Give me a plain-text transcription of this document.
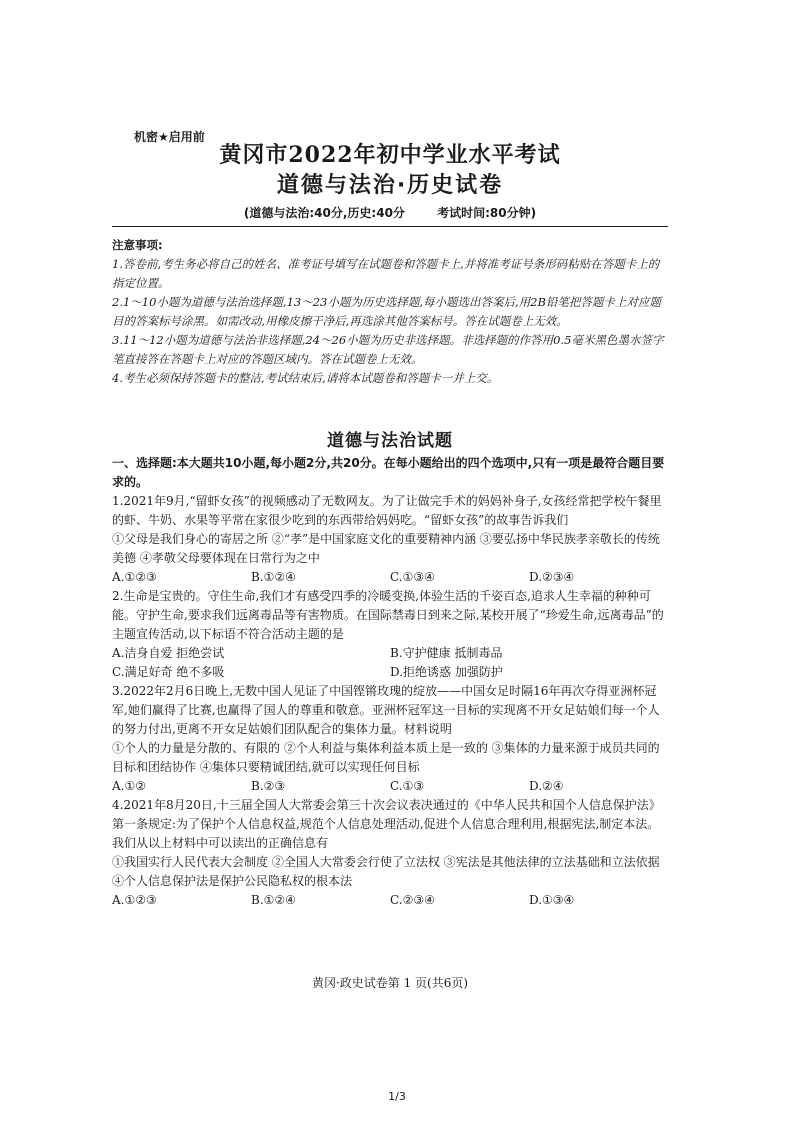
机密★启用前
黄冈市2022年初中学业水平考试
道德与法治·历史试卷
(道德与法治:40分,历史:40分	考试时间:80分钟)

注意事项:

1.答卷前,考生务必将自己的姓名、准考证号填写在试题卷和答题卡上,并将准考证号条形码粘贴在答题卡上的指定位置。

2.1～10小题为道德与法治选择题,13～23小题为历史选择题,每小题选出答案后,用2B铅笔把答题卡上对应题目的答案标号涂黑。如需改动,用橡皮擦干净后,再选涂其他答案标号。答在试题卷上无效。

3.11～12小题为道德与法治非选择题,24～26小题为历史非选择题。非选择题的作答用0.5毫米黑色墨水签字笔直接答在答题卡上对应的答题区域内。答在试题卷上无效。

4.考生必须保持答题卡的整洁,考试结束后,请将本试题卷和答题卡一并上交。

道德与法治试题

一、选择题:本大题共10小题,每小题2分,共20分。在每小题给出的四个选项中,只有一项是最符合题目要求的。

1.2021年9月,“留虾女孩”的视频感动了无数网友。为了让做完手术的妈妈补身子,女孩经常把学校午餐里的虾、牛奶、水果等平常在家很少吃到的东西带给妈妈吃。“留虾女孩”的故事告诉我们

①父母是我们身心的寄居之所 ②“孝”是中国家庭文化的重要精神内涵 ③要弘扬中华民族孝亲敬长的传统美德 ④孝敬父母要体现在日常行为之中

A.①②③	B.①②④	C.①③④	D.②③④

2.生命是宝贵的。守住生命,我们才有感受四季的冷暖变换,体验生活的千姿百态,追求人生幸福的种种可能。守护生命,要求我们远离毒品等有害物质。在国际禁毒日到来之际,某校开展了“珍爱生命,远离毒品”的主题宣传活动,以下标语不符合活动主题的是

A.洁身自爱 拒绝尝试	B.守护健康 抵制毒品
C.满足好奇 绝不多吸	D.拒绝诱惑 加强防护

3.2022年2月6日晚上,无数中国人见证了中国铿锵玫瑰的绽放——中国女足时隔16年再次夺得亚洲杯冠军,她们赢得了比赛,也赢得了国人的尊重和敬意。亚洲杯冠军这一目标的实现离不开女足姑娘们每一个人的努力付出,更离不开女足姑娘们团队配合的集体力量。材料说明

①个人的力量是分散的、有限的 ②个人利益与集体利益本质上是一致的 ③集体的力量来源于成员共同的目标和团结协作 ④集体只要精诚团结,就可以实现任何目标

A.①②	B.②③	C.①③	D.②④

4.2021年8月20日,十三届全国人大常委会第三十次会议表决通过的《中华人民共和国个人信息保护法》第一条规定:为了保护个人信息权益,规范个人信息处理活动,促进个人信息合理利用,根据宪法,制定本法。我们从以上材料中可以读出的正确信息有

①我国实行人民代表大会制度 ②全国人大常委会行使了立法权 ③宪法是其他法律的立法基础和立法依据 ④个人信息保护法是保护公民隐私权的根本法

A.①②③	B.①②④	C.②③④	D.①③④
黄冈·政史试卷第 1 页(共6页)
1/3
